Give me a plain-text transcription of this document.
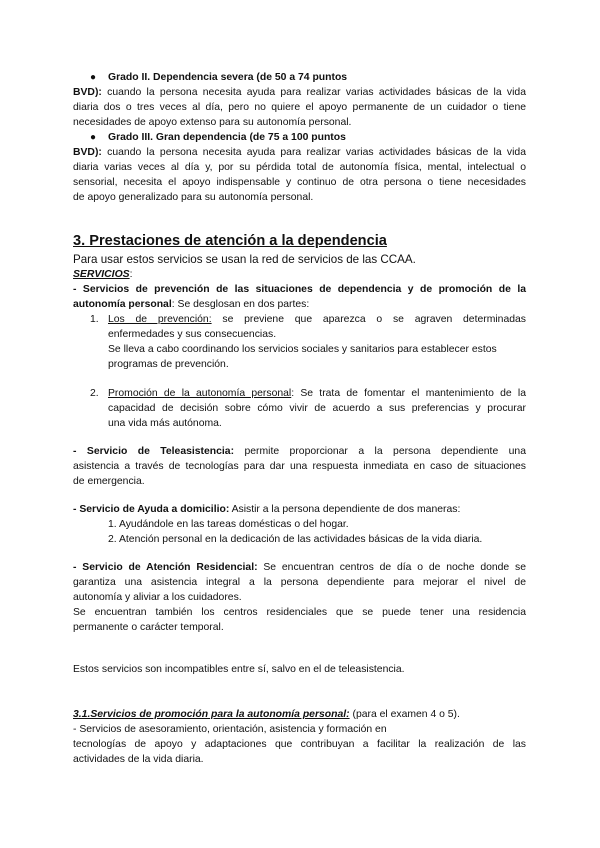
● Grado II. Dependencia severa (de 50 a 74 puntos
BVD): cuando la persona necesita ayuda para realizar varias actividades básicas de la vida
diaria dos o tres veces al día, pero no quiere el apoyo permanente de un cuidador o tiene
necesidades de apoyo extenso para su autonomía personal.
● Grado III. Gran dependencia (de 75 a 100 puntos
BVD): cuando la persona necesita ayuda para realizar varias actividades básicas de la vida
diaria varias veces al día y, por su pérdida total de autonomía física, mental, intelectual o
sensorial, necesita el apoyo indispensable y continuo de otra persona o tiene necesidades
de apoyo generalizado para su autonomía personal.
3. Prestaciones de atención a la dependencia
Para usar estos servicios se usan la red de servicios de las CCAA.
SERVICIOS:
- Servicios de prevención de las situaciones de dependencia y de promoción de la
autonomía personal: Se desglosan en dos partes:
1. Los de prevención: se previene que aparezca o se agraven determinadas
enfermedades y sus consecuencias.
Se lleva a cabo coordinando los servicios sociales y sanitarios para establecer estos
programas de prevención.
2. Promoción de la autonomía personal: Se trata de fomentar el mantenimiento de la
capacidad de decisión sobre cómo vivir de acuerdo a sus preferencias y procurar
una vida más autónoma.
- Servicio de Teleasistencia: permite proporcionar a la persona dependiente una
asistencia a través de tecnologías para dar una respuesta inmediata en caso de situaciones
de emergencia.
- Servicio de Ayuda a domicilio: Asistir a la persona dependiente de dos maneras:
1. Ayudándole en las tareas domésticas o del hogar.
2. Atención personal en la dedicación de las actividades básicas de la vida diaria.
- Servicio de Atención Residencial: Se encuentran centros de día o de noche donde se
garantiza una asistencia integral a la persona dependiente para mejorar el nivel de
autonomía y aliviar a los cuidadores.
Se encuentran también los centros residenciales que se puede tener una residencia
permanente o carácter temporal.
Estos servicios son incompatibles entre sí, salvo en el de teleasistencia.
3.1.Servicios de promoción para la autonomía personal: (para el examen 4 o 5).
- Servicios de asesoramiento, orientación, asistencia y formación en
tecnologías de apoyo y adaptaciones que contribuyan a facilitar la realización de las
actividades de la vida diaria.
